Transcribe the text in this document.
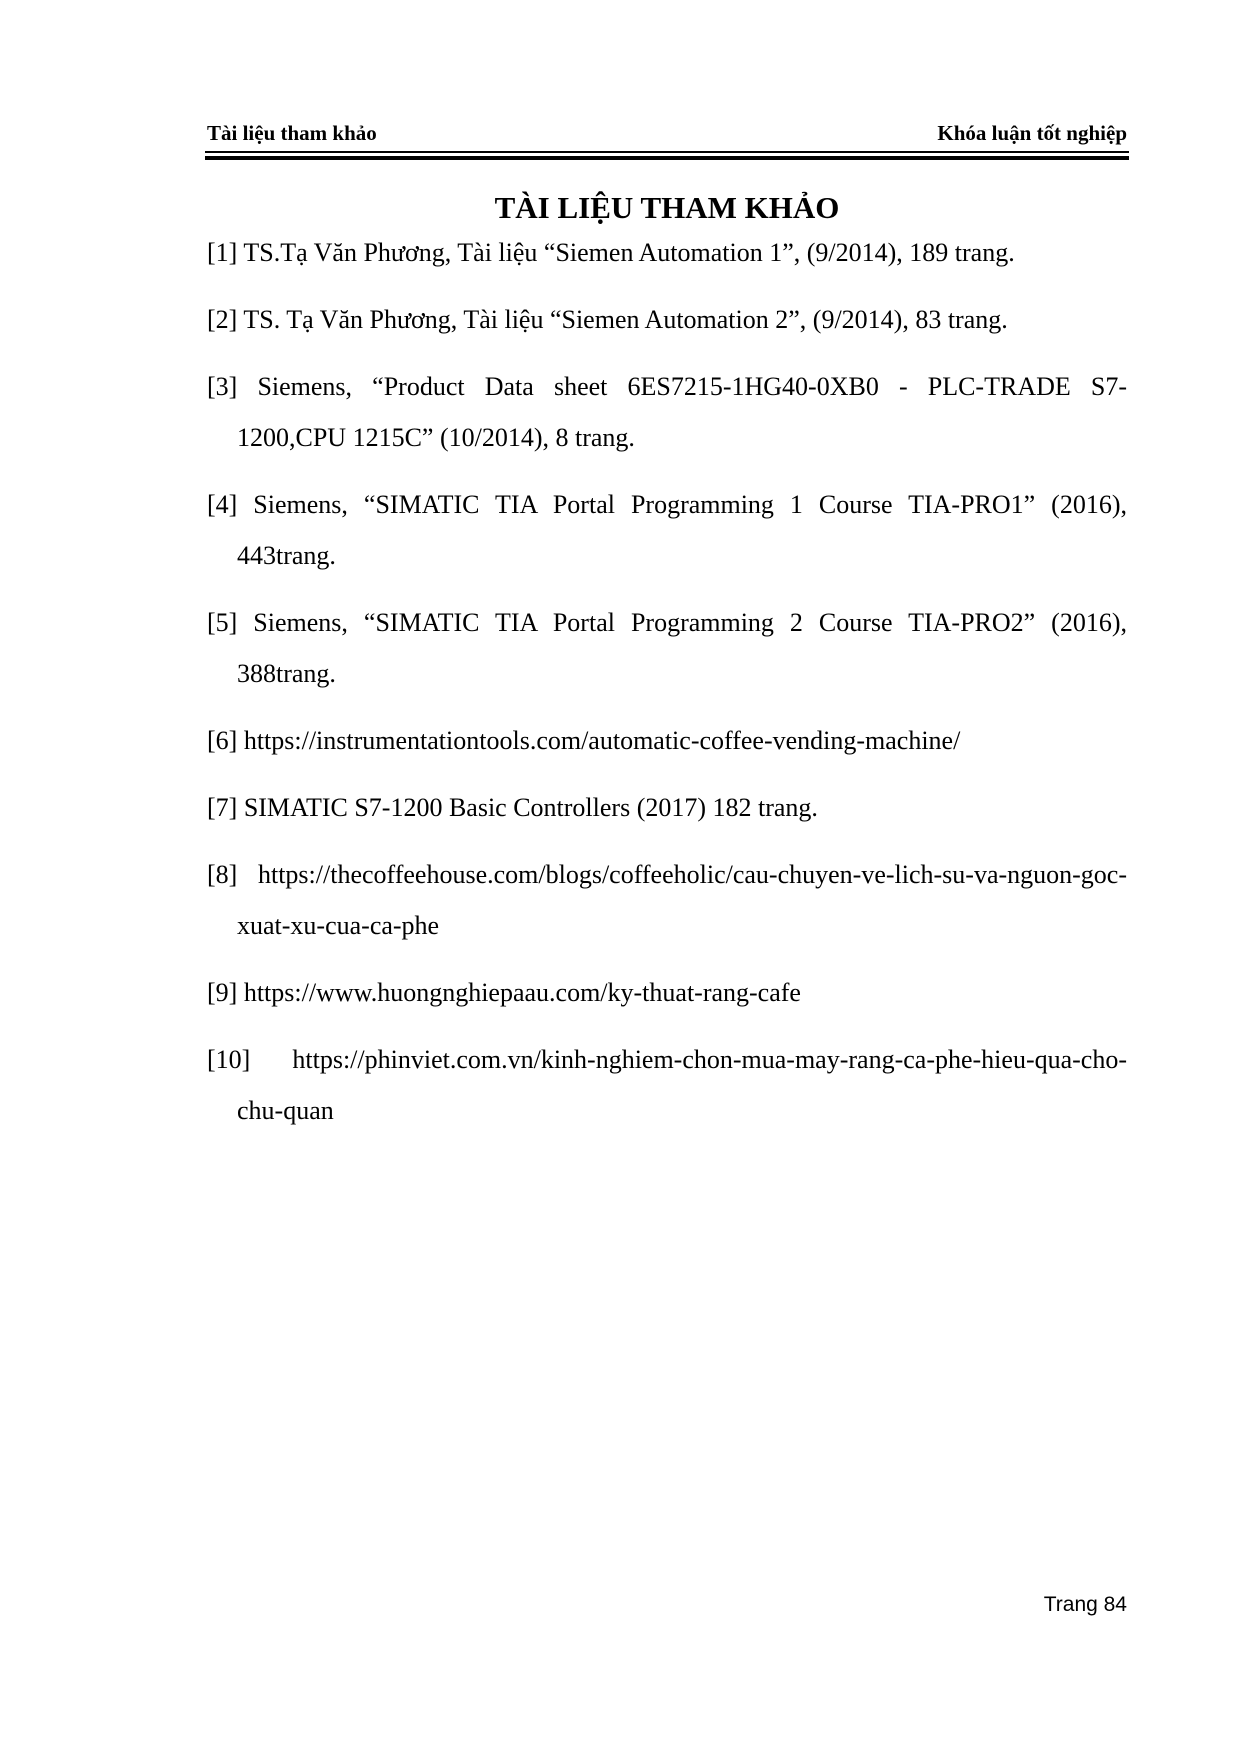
Tài liệu tham khảo	Khóa luận tốt nghiệp
TÀI LIỆU THAM KHẢO
[1] TS.Tạ Văn Phương, Tài liệu “Siemen Automation 1”, (9/2014), 189 trang.
[2] TS. Tạ Văn Phương, Tài liệu “Siemen Automation 2”, (9/2014), 83 trang.
[3] Siemens, “Product Data sheet 6ES7215-1HG40-0XB0 - PLC-TRADE S7-1200,CPU 1215C” (10/2014), 8 trang.
[4] Siemens, “SIMATIC TIA Portal Programming 1 Course TIA-PRO1” (2016), 443trang.
[5] Siemens, “SIMATIC TIA Portal Programming 2 Course TIA-PRO2” (2016), 388trang.
[6] https://instrumentationtools.com/automatic-coffee-vending-machine/
[7] SIMATIC S7-1200 Basic Controllers (2017) 182 trang.
[8] https://thecoffeehouse.com/blogs/coffeeholic/cau-chuyen-ve-lich-su-va-nguon-goc-xuat-xu-cua-ca-phe
[9] https://www.huongnghiepaau.com/ky-thuat-rang-cafe
[10] https://phinviet.com.vn/kinh-nghiem-chon-mua-may-rang-ca-phe-hieu-qua-cho-chu-quan
Trang 84
